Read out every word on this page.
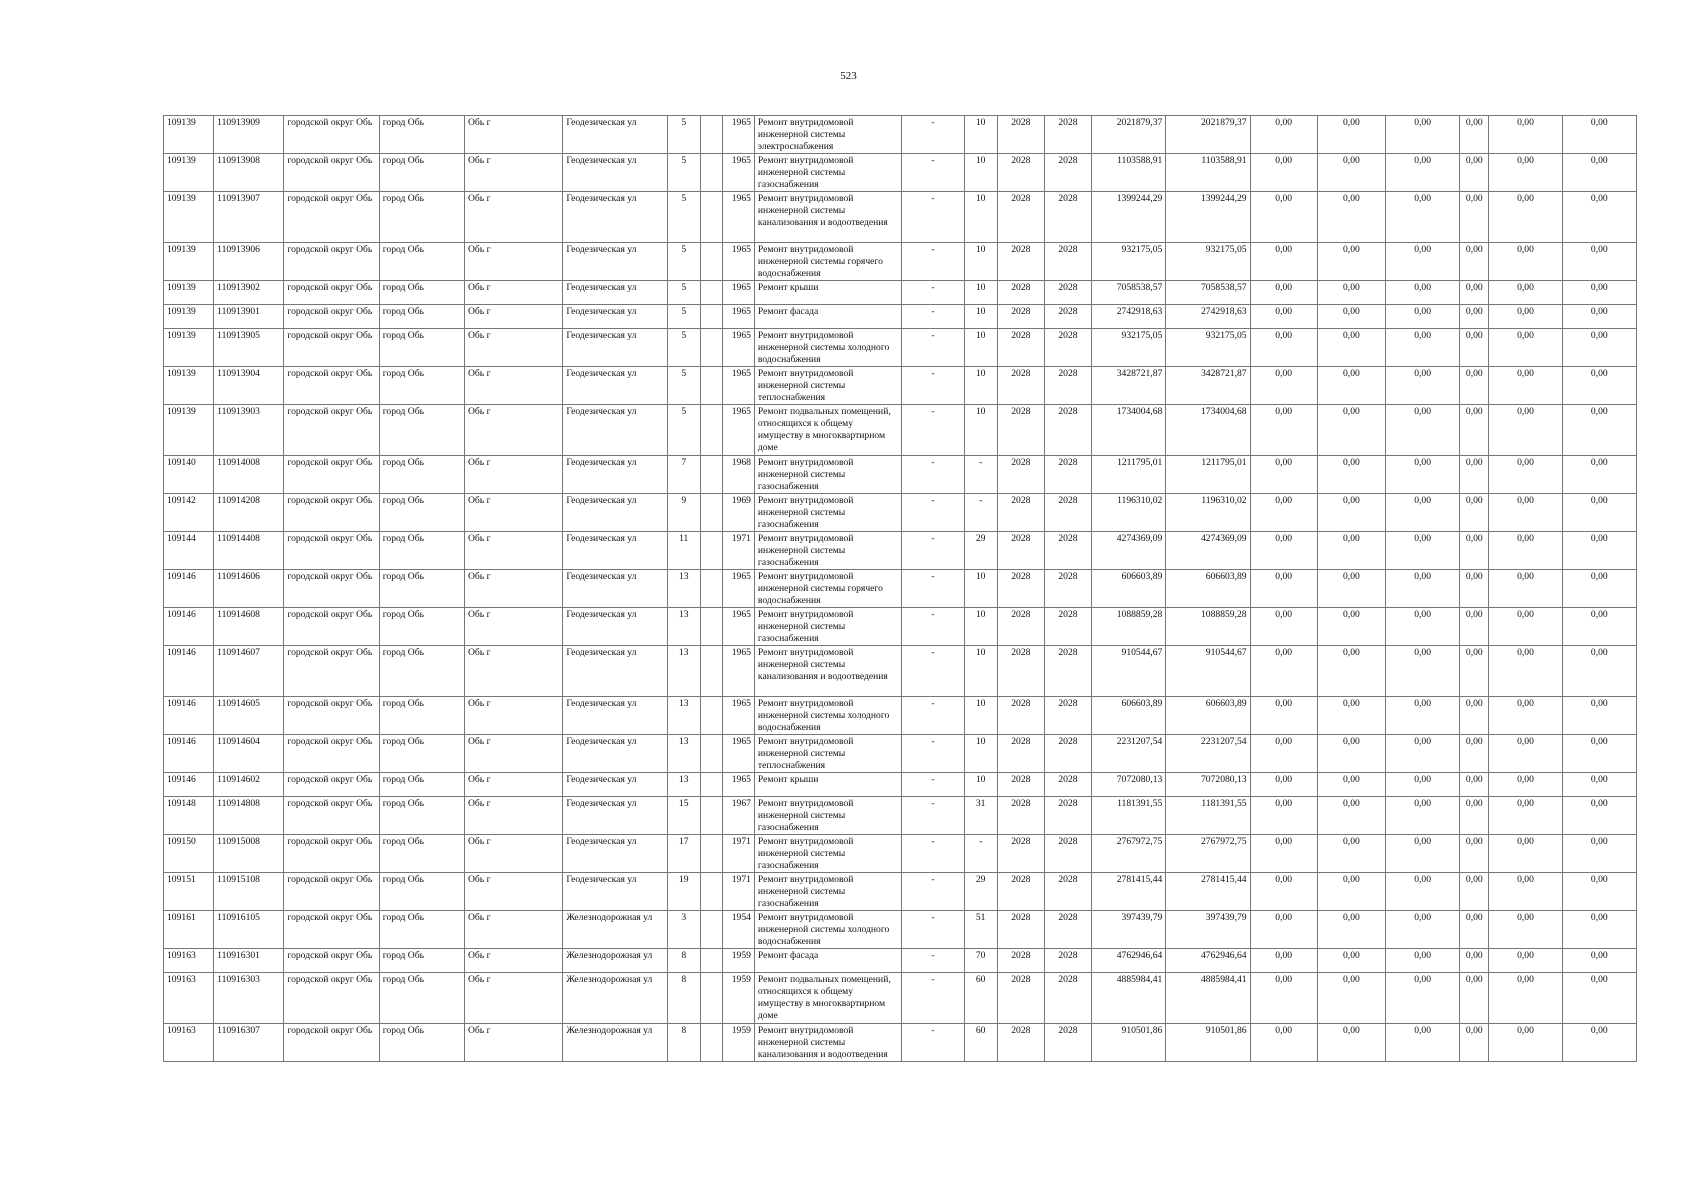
523
109139	110913909	городской округ Обь	город Обь	Обь г	Геодезическая ул	5		1965	Ремонт внутридомовой инженерной системы электроснабжения	-	10	2028	2028	2021879,37	2021879,37	0,00	0,00	0,00	0,00	0,00	0,00
109139	110913908	городской округ Обь	город Обь	Обь г	Геодезическая ул	5		1965	Ремонт внутридомовой инженерной системы газоснабжения	-	10	2028	2028	1103588,91	1103588,91	0,00	0,00	0,00	0,00	0,00	0,00
109139	110913907	городской округ Обь	город Обь	Обь г	Геодезическая ул	5		1965	Ремонт внутридомовой инженерной системы канализования и водоотведения	-	10	2028	2028	1399244,29	1399244,29	0,00	0,00	0,00	0,00	0,00	0,00
109139	110913906	городской округ Обь	город Обь	Обь г	Геодезическая ул	5		1965	Ремонт внутридомовой инженерной системы горячего водоснабжения	-	10	2028	2028	932175,05	932175,05	0,00	0,00	0,00	0,00	0,00	0,00
109139	110913902	городской округ Обь	город Обь	Обь г	Геодезическая ул	5		1965	Ремонт крыши	-	10	2028	2028	7058538,57	7058538,57	0,00	0,00	0,00	0,00	0,00	0,00
109139	110913901	городской округ Обь	город Обь	Обь г	Геодезическая ул	5		1965	Ремонт фасада	-	10	2028	2028	2742918,63	2742918,63	0,00	0,00	0,00	0,00	0,00	0,00
109139	110913905	городской округ Обь	город Обь	Обь г	Геодезическая ул	5		1965	Ремонт внутридомовой инженерной системы холодного водоснабжения	-	10	2028	2028	932175,05	932175,05	0,00	0,00	0,00	0,00	0,00	0,00
109139	110913904	городской округ Обь	город Обь	Обь г	Геодезическая ул	5		1965	Ремонт внутридомовой инженерной системы теплоснабжения	-	10	2028	2028	3428721,87	3428721,87	0,00	0,00	0,00	0,00	0,00	0,00
109139	110913903	городской округ Обь	город Обь	Обь г	Геодезическая ул	5		1965	Ремонт подвальных помещений, относящихся к общему имуществу в многоквартирном доме	-	10	2028	2028	1734004,68	1734004,68	0,00	0,00	0,00	0,00	0,00	0,00
109140	110914008	городской округ Обь	город Обь	Обь г	Геодезическая ул	7		1968	Ремонт внутридомовой инженерной системы газоснабжения	-	-	2028	2028	1211795,01	1211795,01	0,00	0,00	0,00	0,00	0,00	0,00
109142	110914208	городской округ Обь	город Обь	Обь г	Геодезическая ул	9		1969	Ремонт внутридомовой инженерной системы газоснабжения	-	-	2028	2028	1196310,02	1196310,02	0,00	0,00	0,00	0,00	0,00	0,00
109144	110914408	городской округ Обь	город Обь	Обь г	Геодезическая ул	11		1971	Ремонт внутридомовой инженерной системы газоснабжения	-	29	2028	2028	4274369,09	4274369,09	0,00	0,00	0,00	0,00	0,00	0,00
109146	110914606	городской округ Обь	город Обь	Обь г	Геодезическая ул	13		1965	Ремонт внутридомовой инженерной системы горячего водоснабжения	-	10	2028	2028	606603,89	606603,89	0,00	0,00	0,00	0,00	0,00	0,00
109146	110914608	городской округ Обь	город Обь	Обь г	Геодезическая ул	13		1965	Ремонт внутридомовой инженерной системы газоснабжения	-	10	2028	2028	1088859,28	1088859,28	0,00	0,00	0,00	0,00	0,00	0,00
109146	110914607	городской округ Обь	город Обь	Обь г	Геодезическая ул	13		1965	Ремонт внутридомовой инженерной системы канализования и водоотведения	-	10	2028	2028	910544,67	910544,67	0,00	0,00	0,00	0,00	0,00	0,00
109146	110914605	городской округ Обь	город Обь	Обь г	Геодезическая ул	13		1965	Ремонт внутридомовой инженерной системы холодного водоснабжения	-	10	2028	2028	606603,89	606603,89	0,00	0,00	0,00	0,00	0,00	0,00
109146	110914604	городской округ Обь	город Обь	Обь г	Геодезическая ул	13		1965	Ремонт внутридомовой инженерной системы теплоснабжения	-	10	2028	2028	2231207,54	2231207,54	0,00	0,00	0,00	0,00	0,00	0,00
109146	110914602	городской округ Обь	город Обь	Обь г	Геодезическая ул	13		1965	Ремонт крыши	-	10	2028	2028	7072080,13	7072080,13	0,00	0,00	0,00	0,00	0,00	0,00
109148	110914808	городской округ Обь	город Обь	Обь г	Геодезическая ул	15		1967	Ремонт внутридомовой инженерной системы газоснабжения	-	31	2028	2028	1181391,55	1181391,55	0,00	0,00	0,00	0,00	0,00	0,00
109150	110915008	городской округ Обь	город Обь	Обь г	Геодезическая ул	17		1971	Ремонт внутридомовой инженерной системы газоснабжения	-	-	2028	2028	2767972,75	2767972,75	0,00	0,00	0,00	0,00	0,00	0,00
109151	110915108	городской округ Обь	город Обь	Обь г	Геодезическая ул	19		1971	Ремонт внутридомовой инженерной системы газоснабжения	-	29	2028	2028	2781415,44	2781415,44	0,00	0,00	0,00	0,00	0,00	0,00
109161	110916105	городской округ Обь	город Обь	Обь г	Железнодорожная ул	3		1954	Ремонт внутридомовой инженерной системы холодного водоснабжения	-	51	2028	2028	397439,79	397439,79	0,00	0,00	0,00	0,00	0,00	0,00
109163	110916301	городской округ Обь	город Обь	Обь г	Железнодорожная ул	8		1959	Ремонт фасада	-	70	2028	2028	4762946,64	4762946,64	0,00	0,00	0,00	0,00	0,00	0,00
109163	110916303	городской округ Обь	город Обь	Обь г	Железнодорожная ул	8		1959	Ремонт подвальных помещений, относящихся к общему имуществу в многоквартирном доме	-	60	2028	2028	4885984,41	4885984,41	0,00	0,00	0,00	0,00	0,00	0,00
109163	110916307	городской округ Обь	город Обь	Обь г	Железнодорожная ул	8		1959	Ремонт внутридомовой инженерной системы канализования и водоотведения	-	60	2028	2028	910501,86	910501,86	0,00	0,00	0,00	0,00	0,00	0,00
